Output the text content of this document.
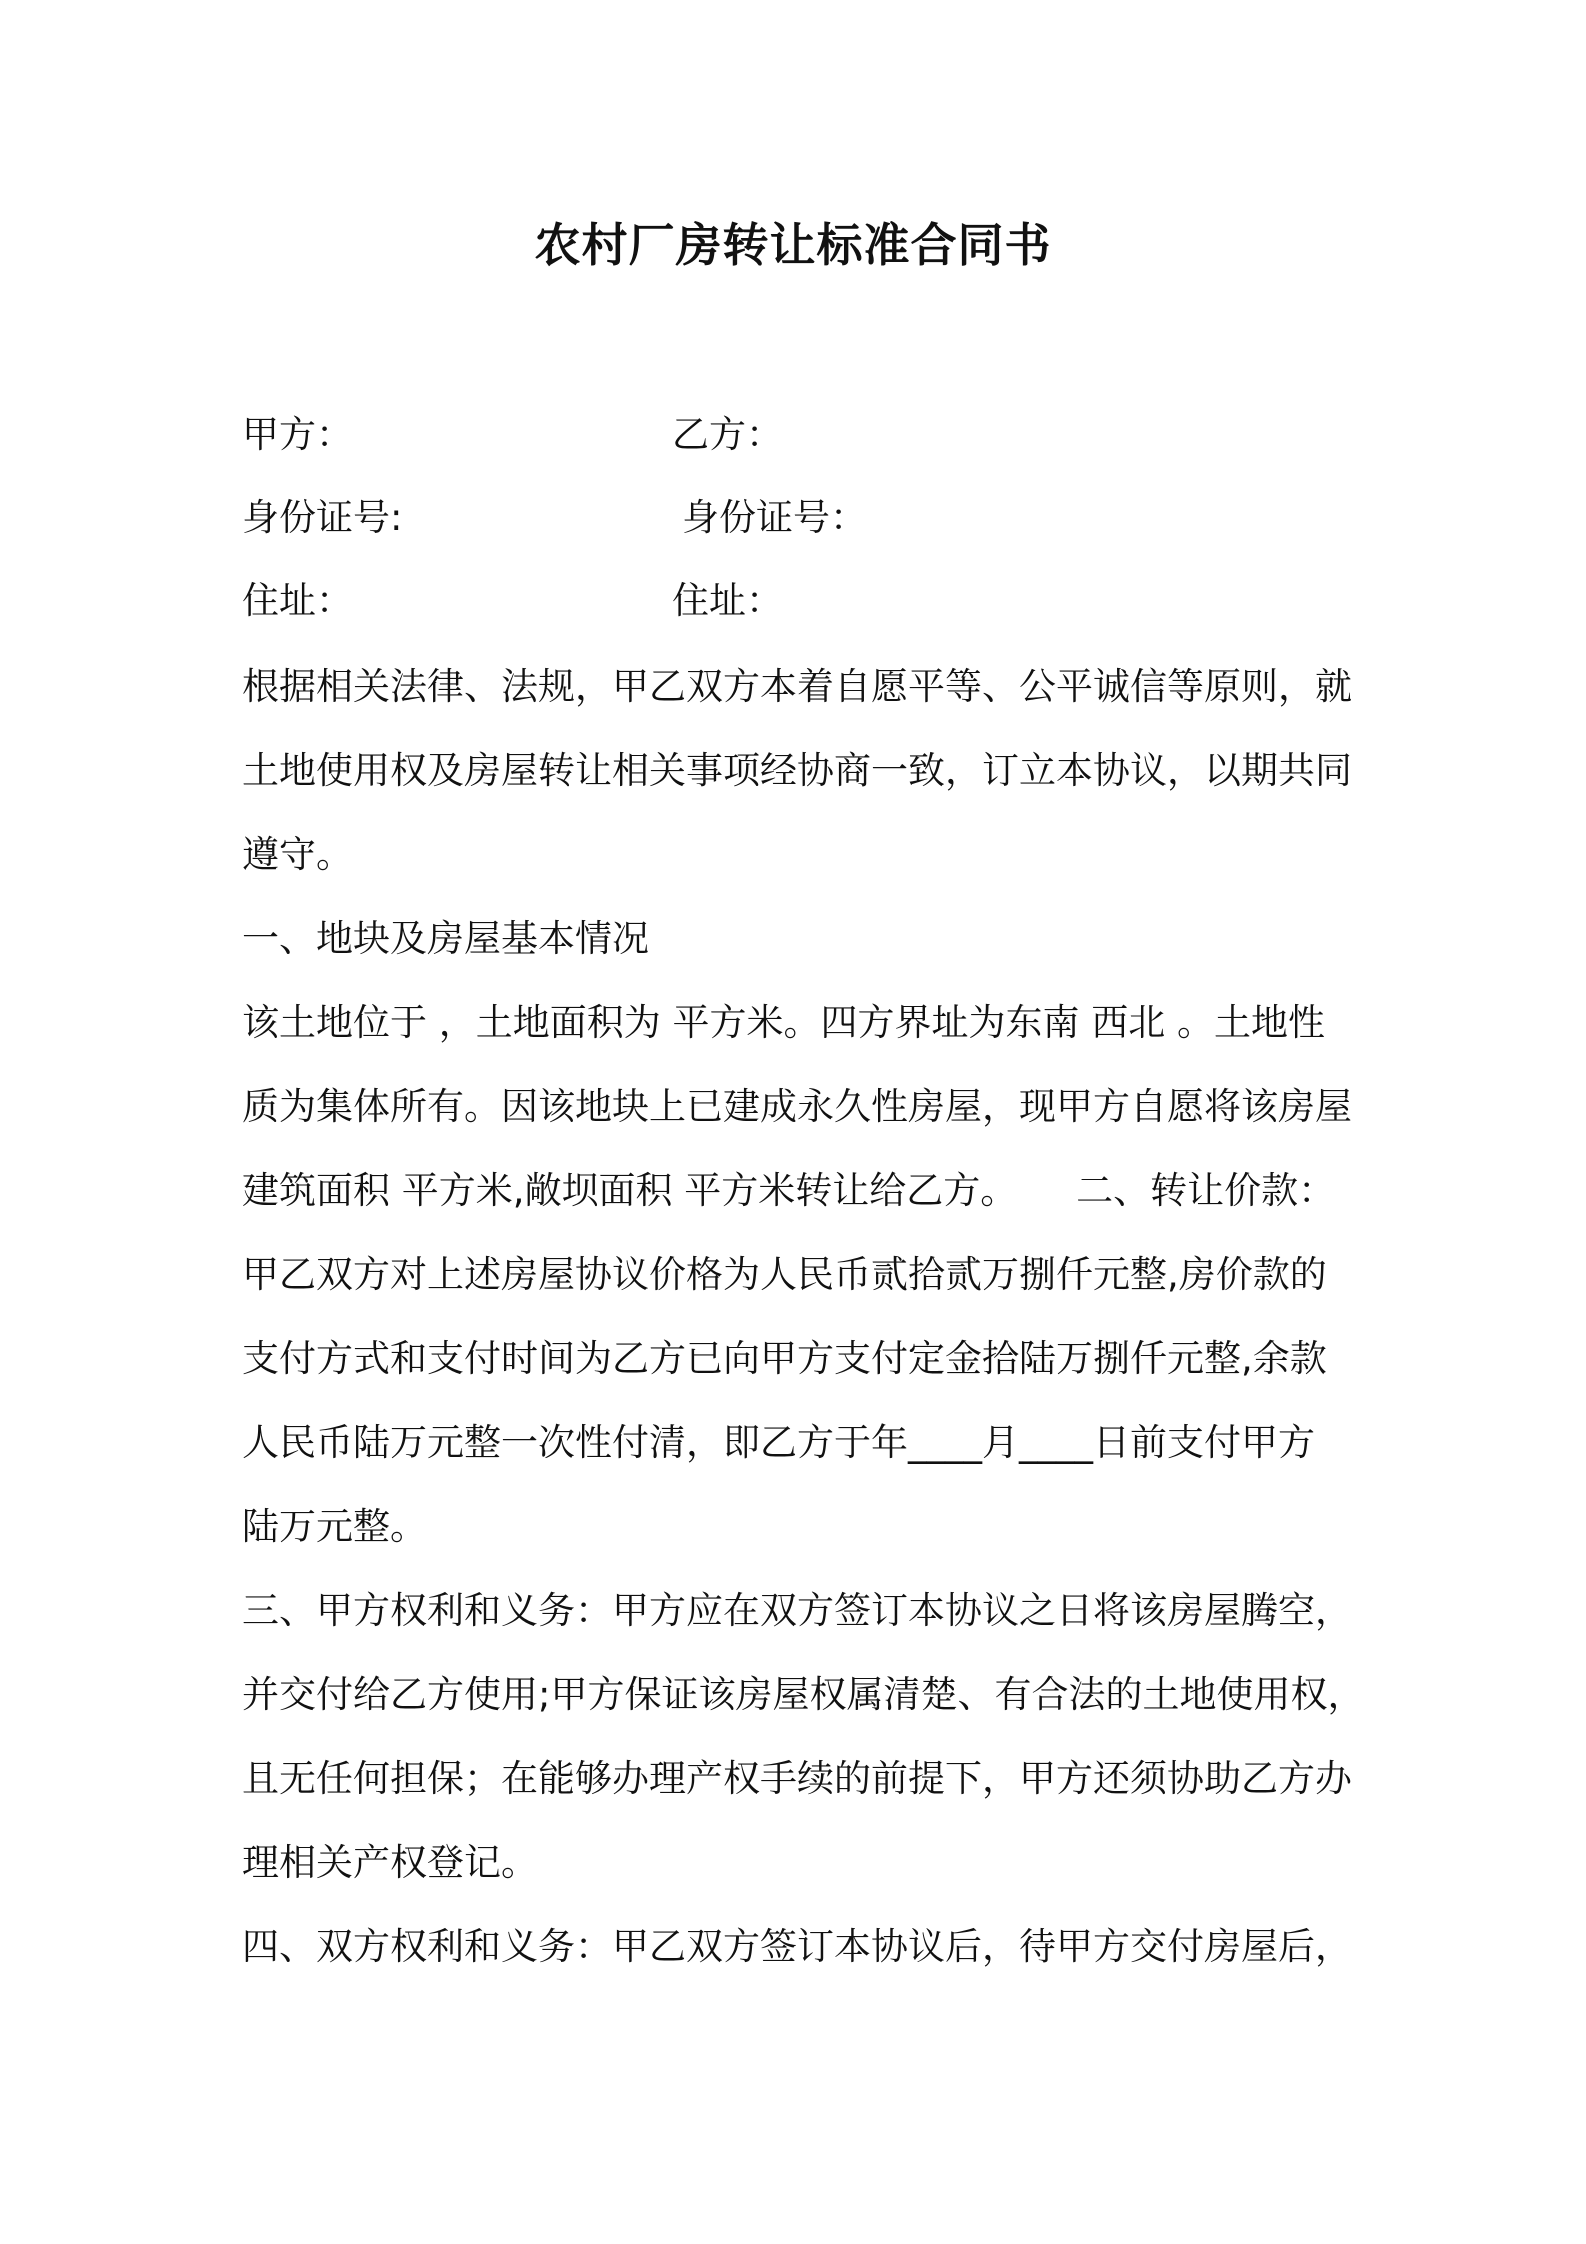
农村厂房转让标准合同书
甲方：	乙方：
身份证号:	身份证号：
住址：	住址：
根据相关法律、法规，甲乙双方本着自愿平等、公平诚信等原则，就
土地使用权及房屋转让相关事项经协商一致，订立本协议，以期共同
遵守。
一、地块及房屋基本情况
该土地位于 ，土地面积为 平方米。四方界址为东南 西北 。土地性
质为集体所有。因该地块上已建成永久性房屋，现甲方自愿将该房屋
建筑面积 平方米,敞坝面积 平方米转让给乙方。     二、转让价款：
甲乙双方对上述房屋协议价格为人民币贰拾贰万捌仟元整,房价款的
支付方式和支付时间为乙方已向甲方支付定金拾陆万捌仟元整,余款
人民币陆万元整一次性付清，即乙方于年____月____日前支付甲方
陆万元整。
三、甲方权利和义务：甲方应在双方签订本协议之日将该房屋腾空，
并交付给乙方使用;甲方保证该房屋权属清楚、有合法的土地使用权，
且无任何担保；在能够办理产权手续的前提下，甲方还须协助乙方办
理相关产权登记。
四、双方权利和义务：甲乙双方签订本协议后，待甲方交付房屋后，
